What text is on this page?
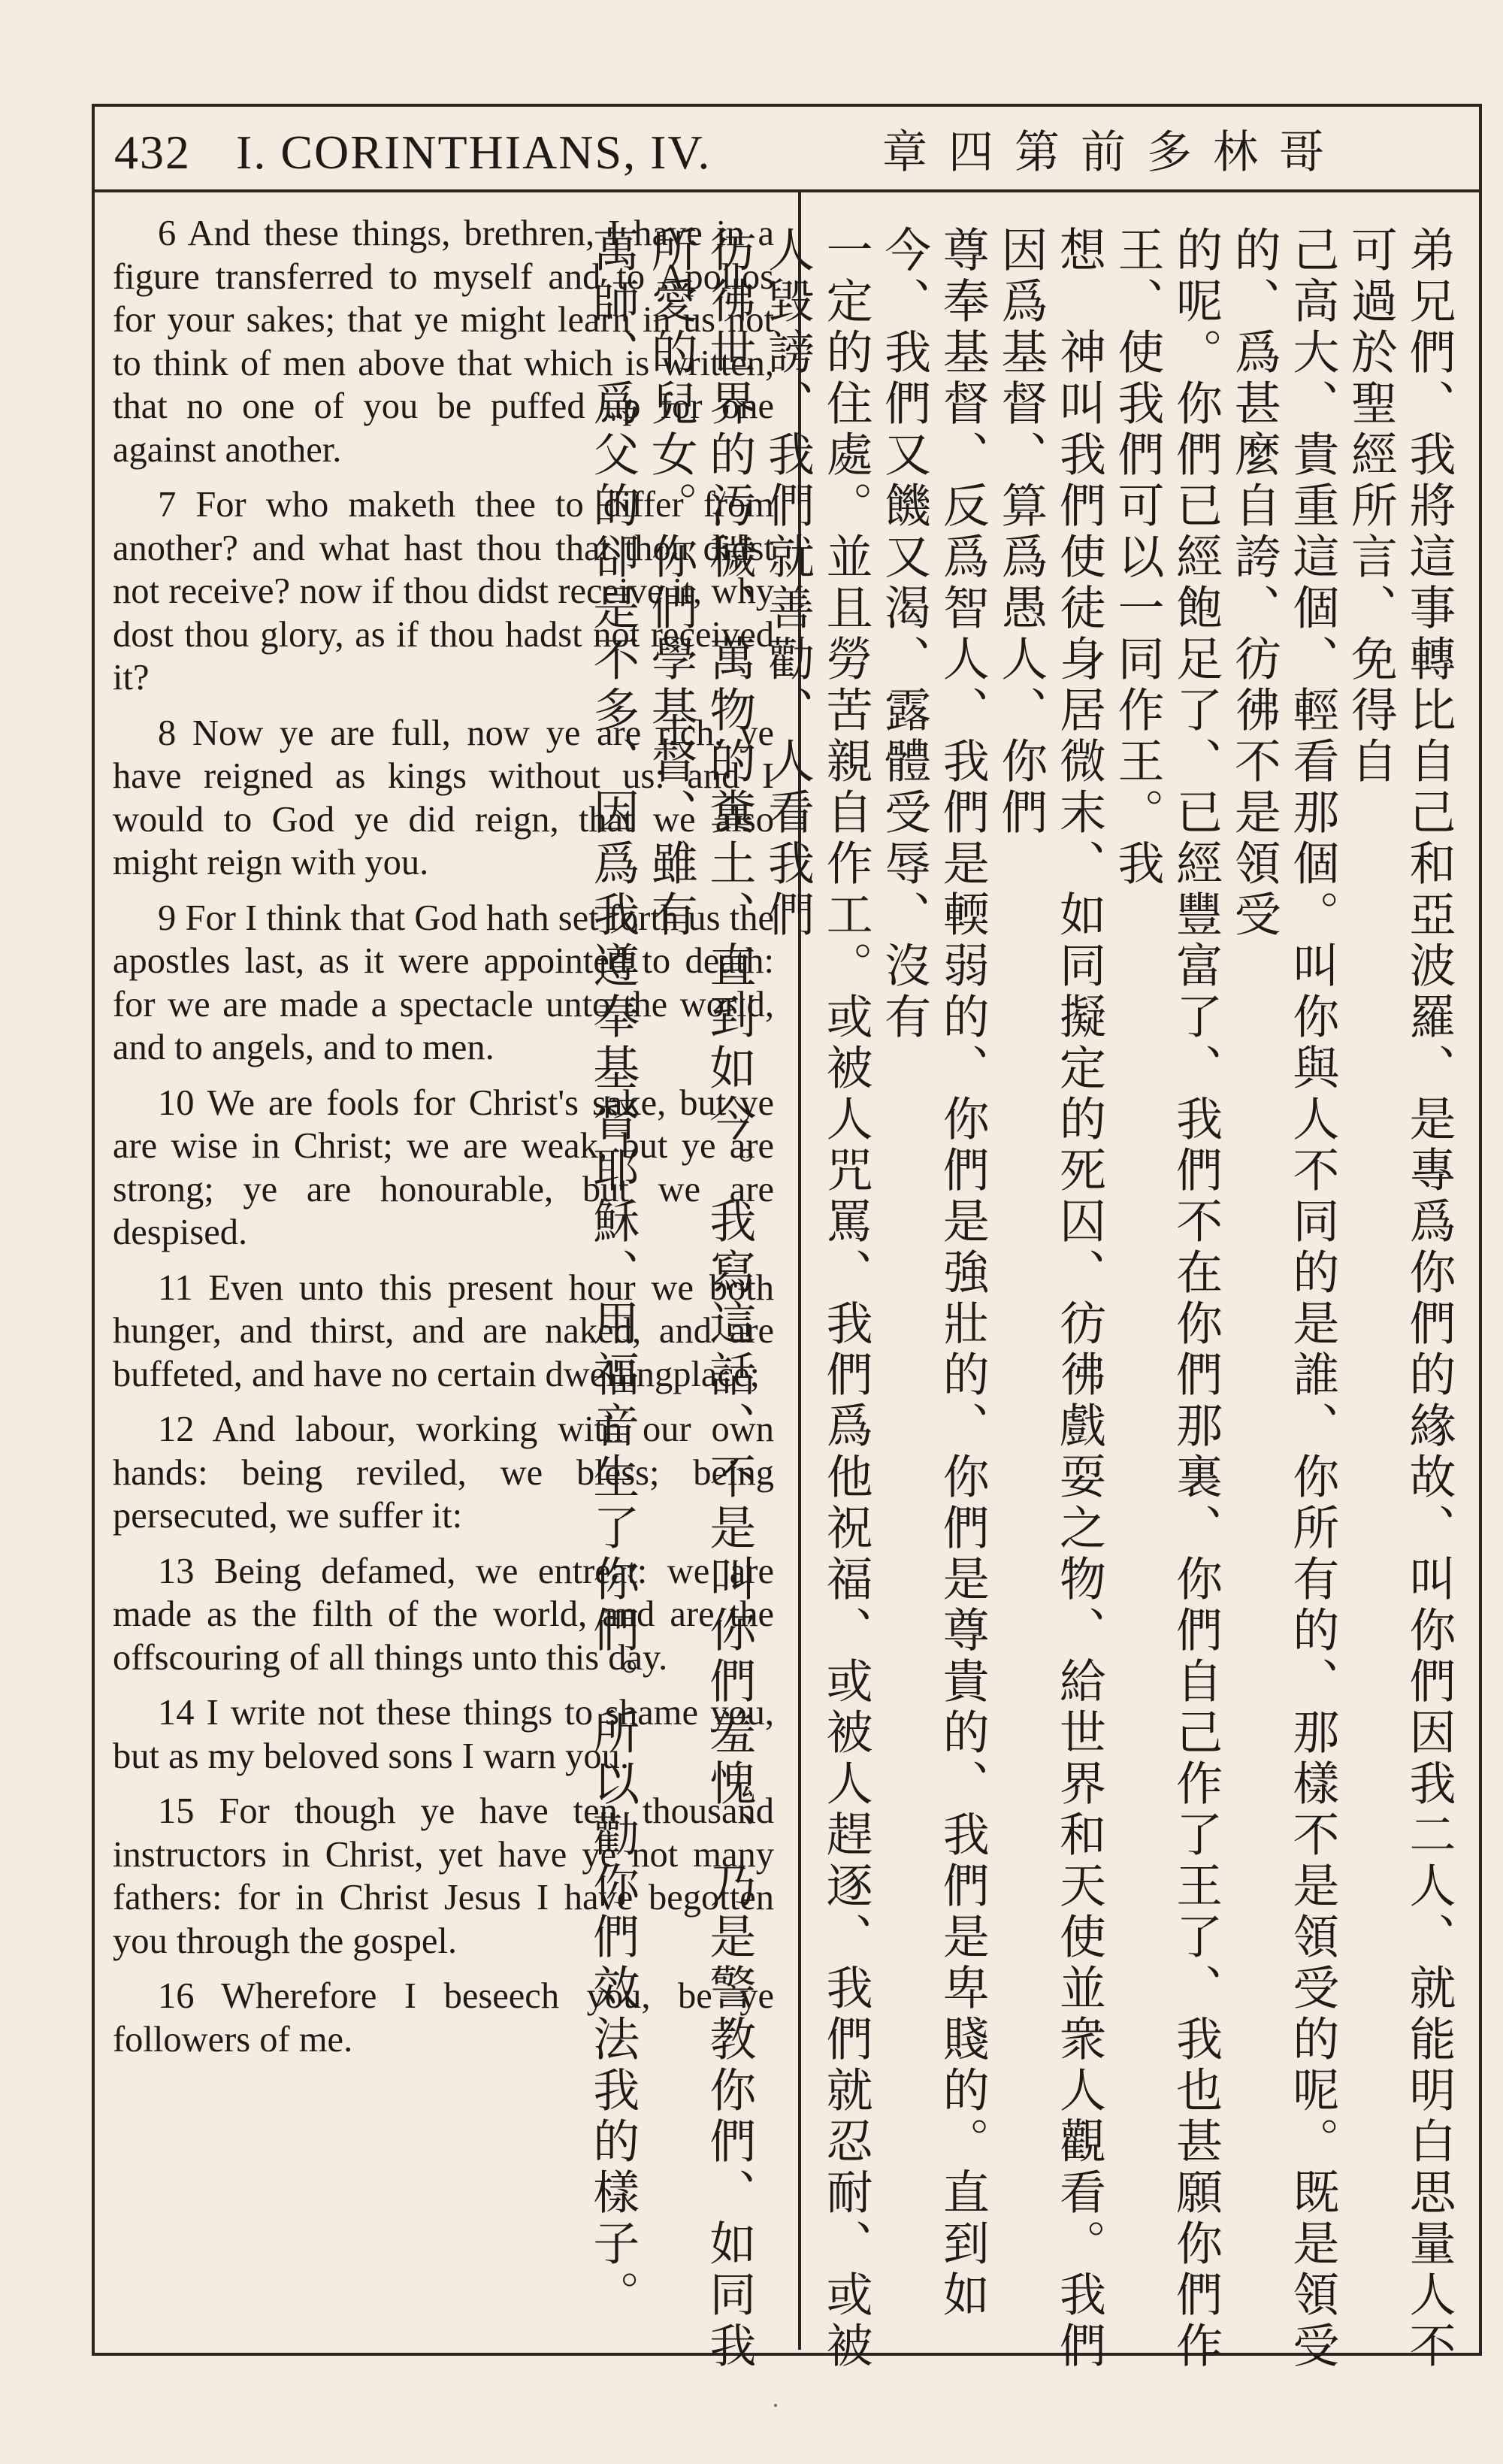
432 I. CORINTHIANS, IV.	章四第前多林哥

6 And these things, brethren, I have in a figure transferred to myself and to Apollos for your sakes; that ye might learn in us not to think of men above that which is written, that no one of you be puffed up for one against another.

7 For who maketh thee to differ from another? and what hast thou that thou didst not receive? now if thou didst receive it, why dost thou glory, as if thou hadst not received it?

8 Now ye are full, now ye are rich, ye have reigned as kings without us: and I would to God ye did reign, that we also might reign with you.

9 For I think that God hath set forth us the apostles last, as it were appointed to death: for we are made a spectacle unto the world, and to angels, and to men.

10 We are fools for Christ's sake, but ye are wise in Christ; we are weak, but ye are strong; ye are honourable, but we are despised.

11 Even unto this present hour we both hunger, and thirst, and are naked, and are buffeted, and have no certain dwellingplace;

12 And labour, working with our own hands: being reviled, we bless; being persecuted, we suffer it:

13 Being defamed, we entreat: we are made as the filth of the world, and are the offscouring of all things unto this day.

14 I write not these things to shame you, but as my beloved sons I warn you.

15 For though ye have ten thousand instructors in Christ, yet have ye not many fathers: for in Christ Jesus I have begotten you through the gospel.

16 Wherefore I beseech you, be ye followers of me.	弟兄們、我將這事轉比自己和亞波羅、是專爲你們的緣故、叫你們因我二人、就能明白思量人不可過於聖經所言、免得自
己高大、貴重這個、輕看那個。叫你與人不同的是誰、你所有的、那樣不是領受的呢。既是領受的、爲甚麼自誇、彷彿不是領受
的呢。你們已經飽足了、已經豐富了、我們不在你們那裏、你們自己作了王了、我也甚願你們作王、使我們可以一同作王。我
想　神叫我們使徒身居微末、如同擬定的死囚、彷彿戲耍之物、給世界和天使並衆人觀看。我們因爲基督、算爲愚人、你們
尊奉基督、反爲智人、我們是輭弱的、你們是強壯的、你們是尊貴的、我們是卑賤的。直到如今、我們又饑又渴、露體受辱、沒有
一定的住處。並且勞苦親自作工。或被人咒罵、我們爲他祝福、或被人趕逐、我們就忍耐、或被人毀謗、我們就善勸、人看我們
彷彿世界的汚穢、萬物的糞土、直到如今。我寫這話、不是叫你們羞愧、乃是警教你們、如同我所愛的兒女。你們學基督、雖有
萬師、爲父的卻是不多、因爲我遵奉基督耶穌、用福音生了你們。所以勸你們效法我的樣子。
